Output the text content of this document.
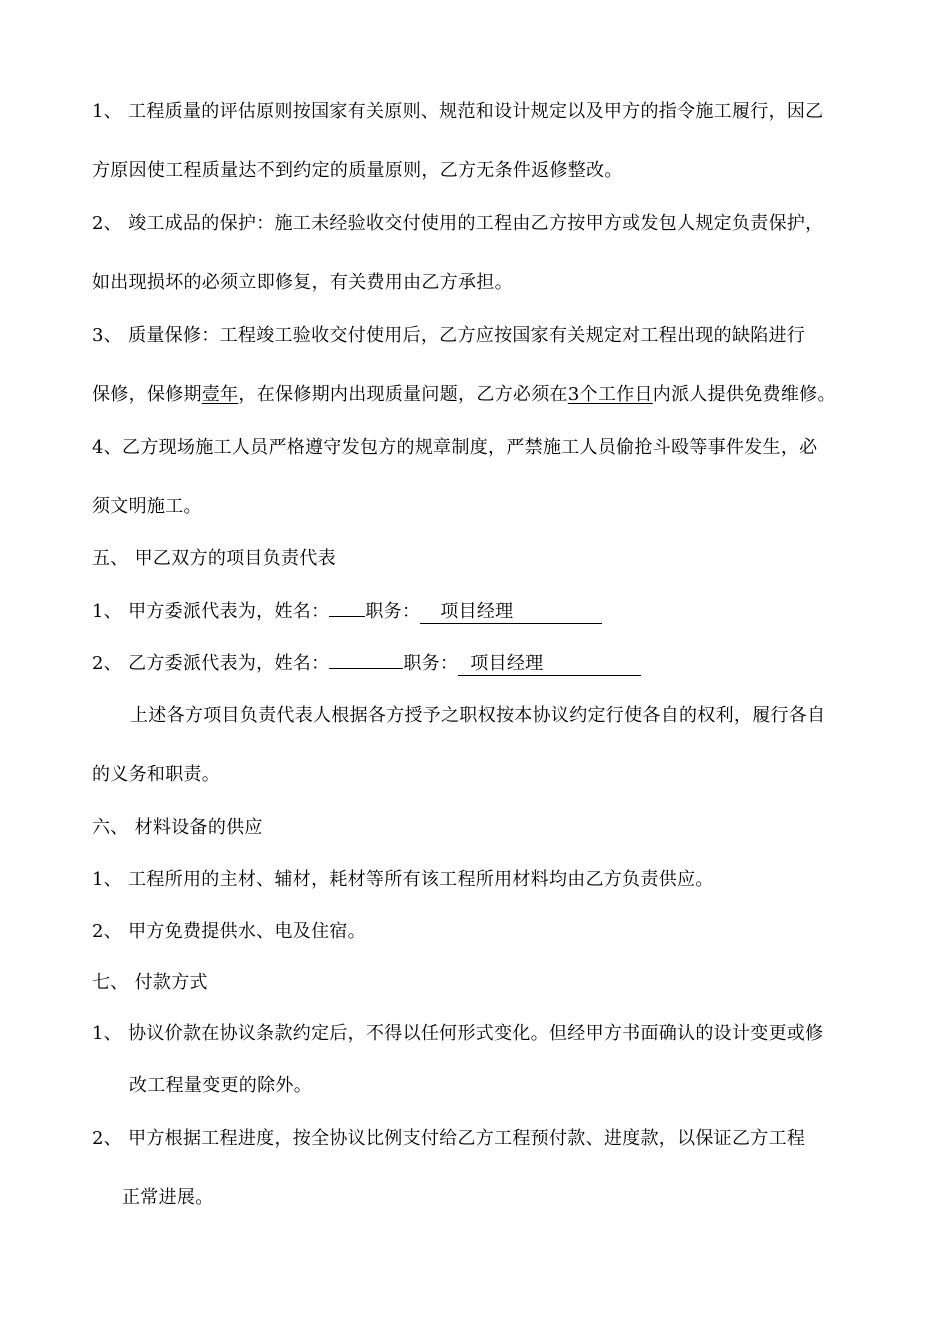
1、 工程质量的评估原则按国家有关原则、规范和设计规定以及甲方的指令施工履行，因乙
方原因使工程质量达不到约定的质量原则，乙方无条件返修整改。
2、 竣工成品的保护：施工未经验收交付使用的工程由乙方按甲方或发包人规定负责保护，
如出现损坏的必须立即修复，有关费用由乙方承担。
3、 质量保修：工程竣工验收交付使用后，乙方应按国家有关规定对工程出现的缺陷进行
保修，保修期壹年，在保修期内出现质量问题，乙方必须在3个工作日内派人提供免费维修。
4、乙方现场施工人员严格遵守发包方的规章制度，严禁施工人员偷抢斗殴等事件发生，必
须文明施工。
五、 甲乙双方的项目负责代表
1、 甲方委派代表为，姓名： 职务： 项目经理
2、 乙方委派代表为，姓名：	职务： 项目经理
上述各方项目负责代表人根据各方授予之职权按本协议约定行使各自的权利，履行各自
的义务和职责。
六、 材料设备的供应
1、 工程所用的主材、辅材，耗材等所有该工程所用材料均由乙方负责供应。
2、 甲方免费提供水、电及住宿。
七、 付款方式
1、 协议价款在协议条款约定后，不得以任何形式变化。但经甲方书面确认的设计变更或修
改工程量变更的除外。
2、 甲方根据工程进度，按全协议比例支付给乙方工程预付款、进度款，以保证乙方工程
正常进展。
